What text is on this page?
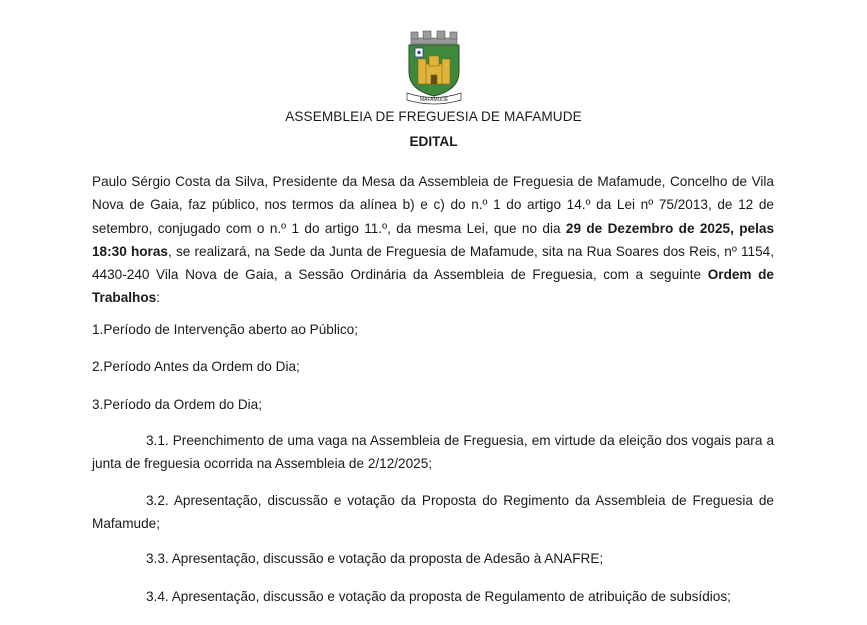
MAFAMUDE
ASSEMBLEIA DE FREGUESIA DE MAFAMUDE
EDITAL

Paulo Sérgio Costa da Silva, Presidente da Mesa da Assembleia de Freguesia de Mafamude, Concelho de Vila Nova de Gaia, faz público, nos termos da alínea b) e c) do n.º 1 do artigo 14.º da Lei nº 75/2013, de 12 de setembro, conjugado com o n.º 1 do artigo 11.º, da mesma Lei, que no dia 29 de Dezembro de 2025, pelas 18:30 horas, se realizará, na Sede da Junta de Freguesia de Mafamude, sita na Rua Soares dos Reis, nº 1154, 4430-240 Vila Nova de Gaia, a Sessão Ordinária da Assembleia de Freguesia, com a seguinte Ordem de Trabalhos:

1.Período de Intervenção aberto ao Público;

2.Período Antes da Ordem do Dia;

3.Período da Ordem do Dia;

3.1. Preenchimento de uma vaga na Assembleia de Freguesia, em virtude da eleição dos vogais para a junta de freguesia ocorrida na Assembleia de 2/12/2025;

3.2. Apresentação, discussão e votação da Proposta do Regimento da Assembleia de Freguesia de Mafamude;

3.3. Apresentação, discussão e votação da proposta de Adesão à ANAFRE;

3.4. Apresentação, discussão e votação da proposta de Regulamento de atribuição de subsídios;
